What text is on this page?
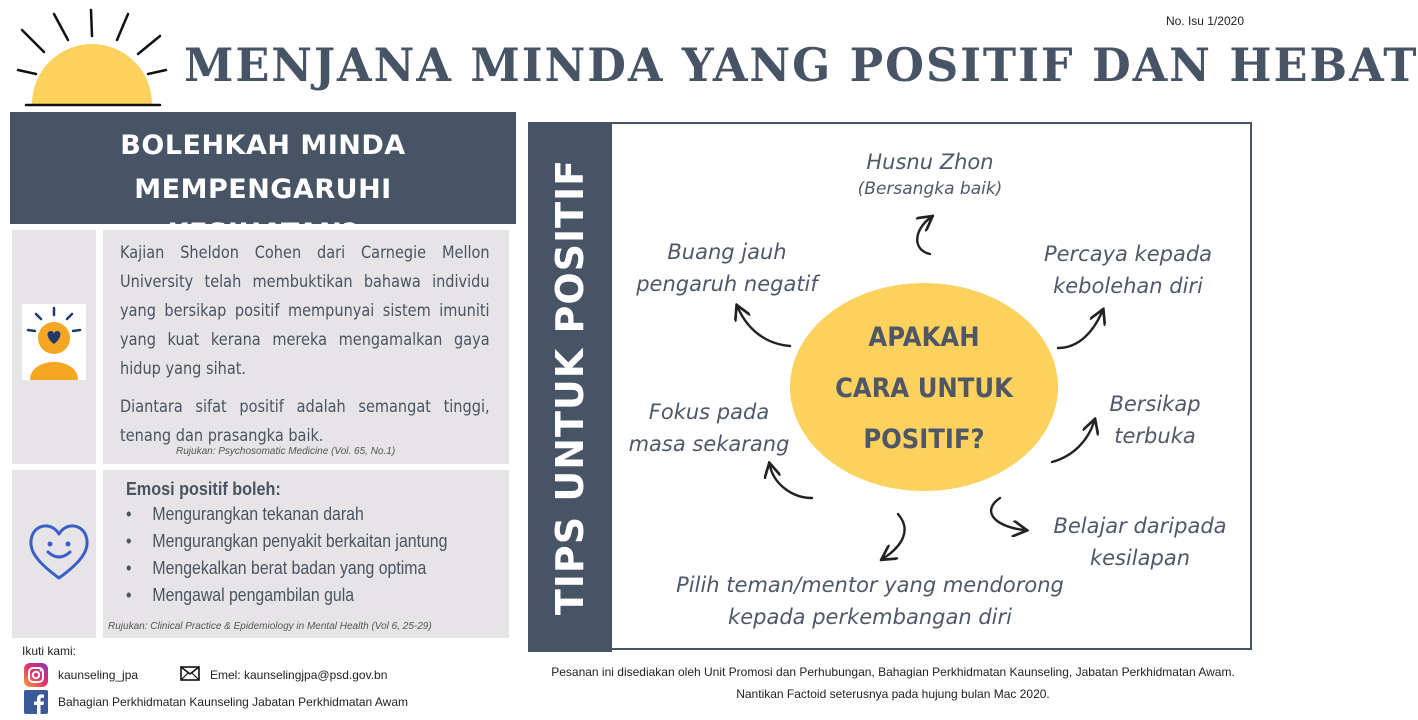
No. Isu 1/2020
MENJANA MINDA YANG POSITIF DAN HEBAT
BOLEHKAH MINDA MEMPENGARUHI

Kajian Sheldon Cohen dari Carnegie Mellon University telah membuktikan bahawa individu yang bersikap positif mempunyai sistem imuniti yang kuat kerana mereka mengamalkan gaya hidup yang sihat.

Diantara sifat positif adalah semangat tinggi, tenang dan prasangka baik.

Rujukan: Psychosomatic Medicine (Vol. 65, No.1)
Emosi positif boleh:
• Mengurangkan tekanan darah
• Mengurangkan penyakit berkaitan jantung
• Mengekalkan berat badan yang optima
• Mengawal pengambilan gula
Rujukan: Clinical Practice & Epidemiology in Mental Health (Vol 6, 25-29)
TIPS UNTUK POSITIF	APAKAH
CARA UNTUK
POSITIF?
Husnu Zhon
(Bersangka baik)
Percaya kepada
kebolehan diri
Bersikap
terbuka
Belajar daripada
kesilapan
Pilih teman/mentor yang mendorong
kepada perkembangan diri
Fokus pada
masa sekarang
Buang jauh
pengaruh negatif
Ikuti kami:
kaunseling_jpa	Emel: kaunselingjpa@psd.gov.bn
Bahagian Perkhidmatan Kaunseling Jabatan Perkhidmatan Awam
Pesanan ini disediakan oleh Unit Promosi dan Perhubungan, Bahagian Perkhidmatan Kaunseling, Jabatan Perkhidmatan Awam.
Nantikan Factoid seterusnya pada hujung bulan Mac 2020.
